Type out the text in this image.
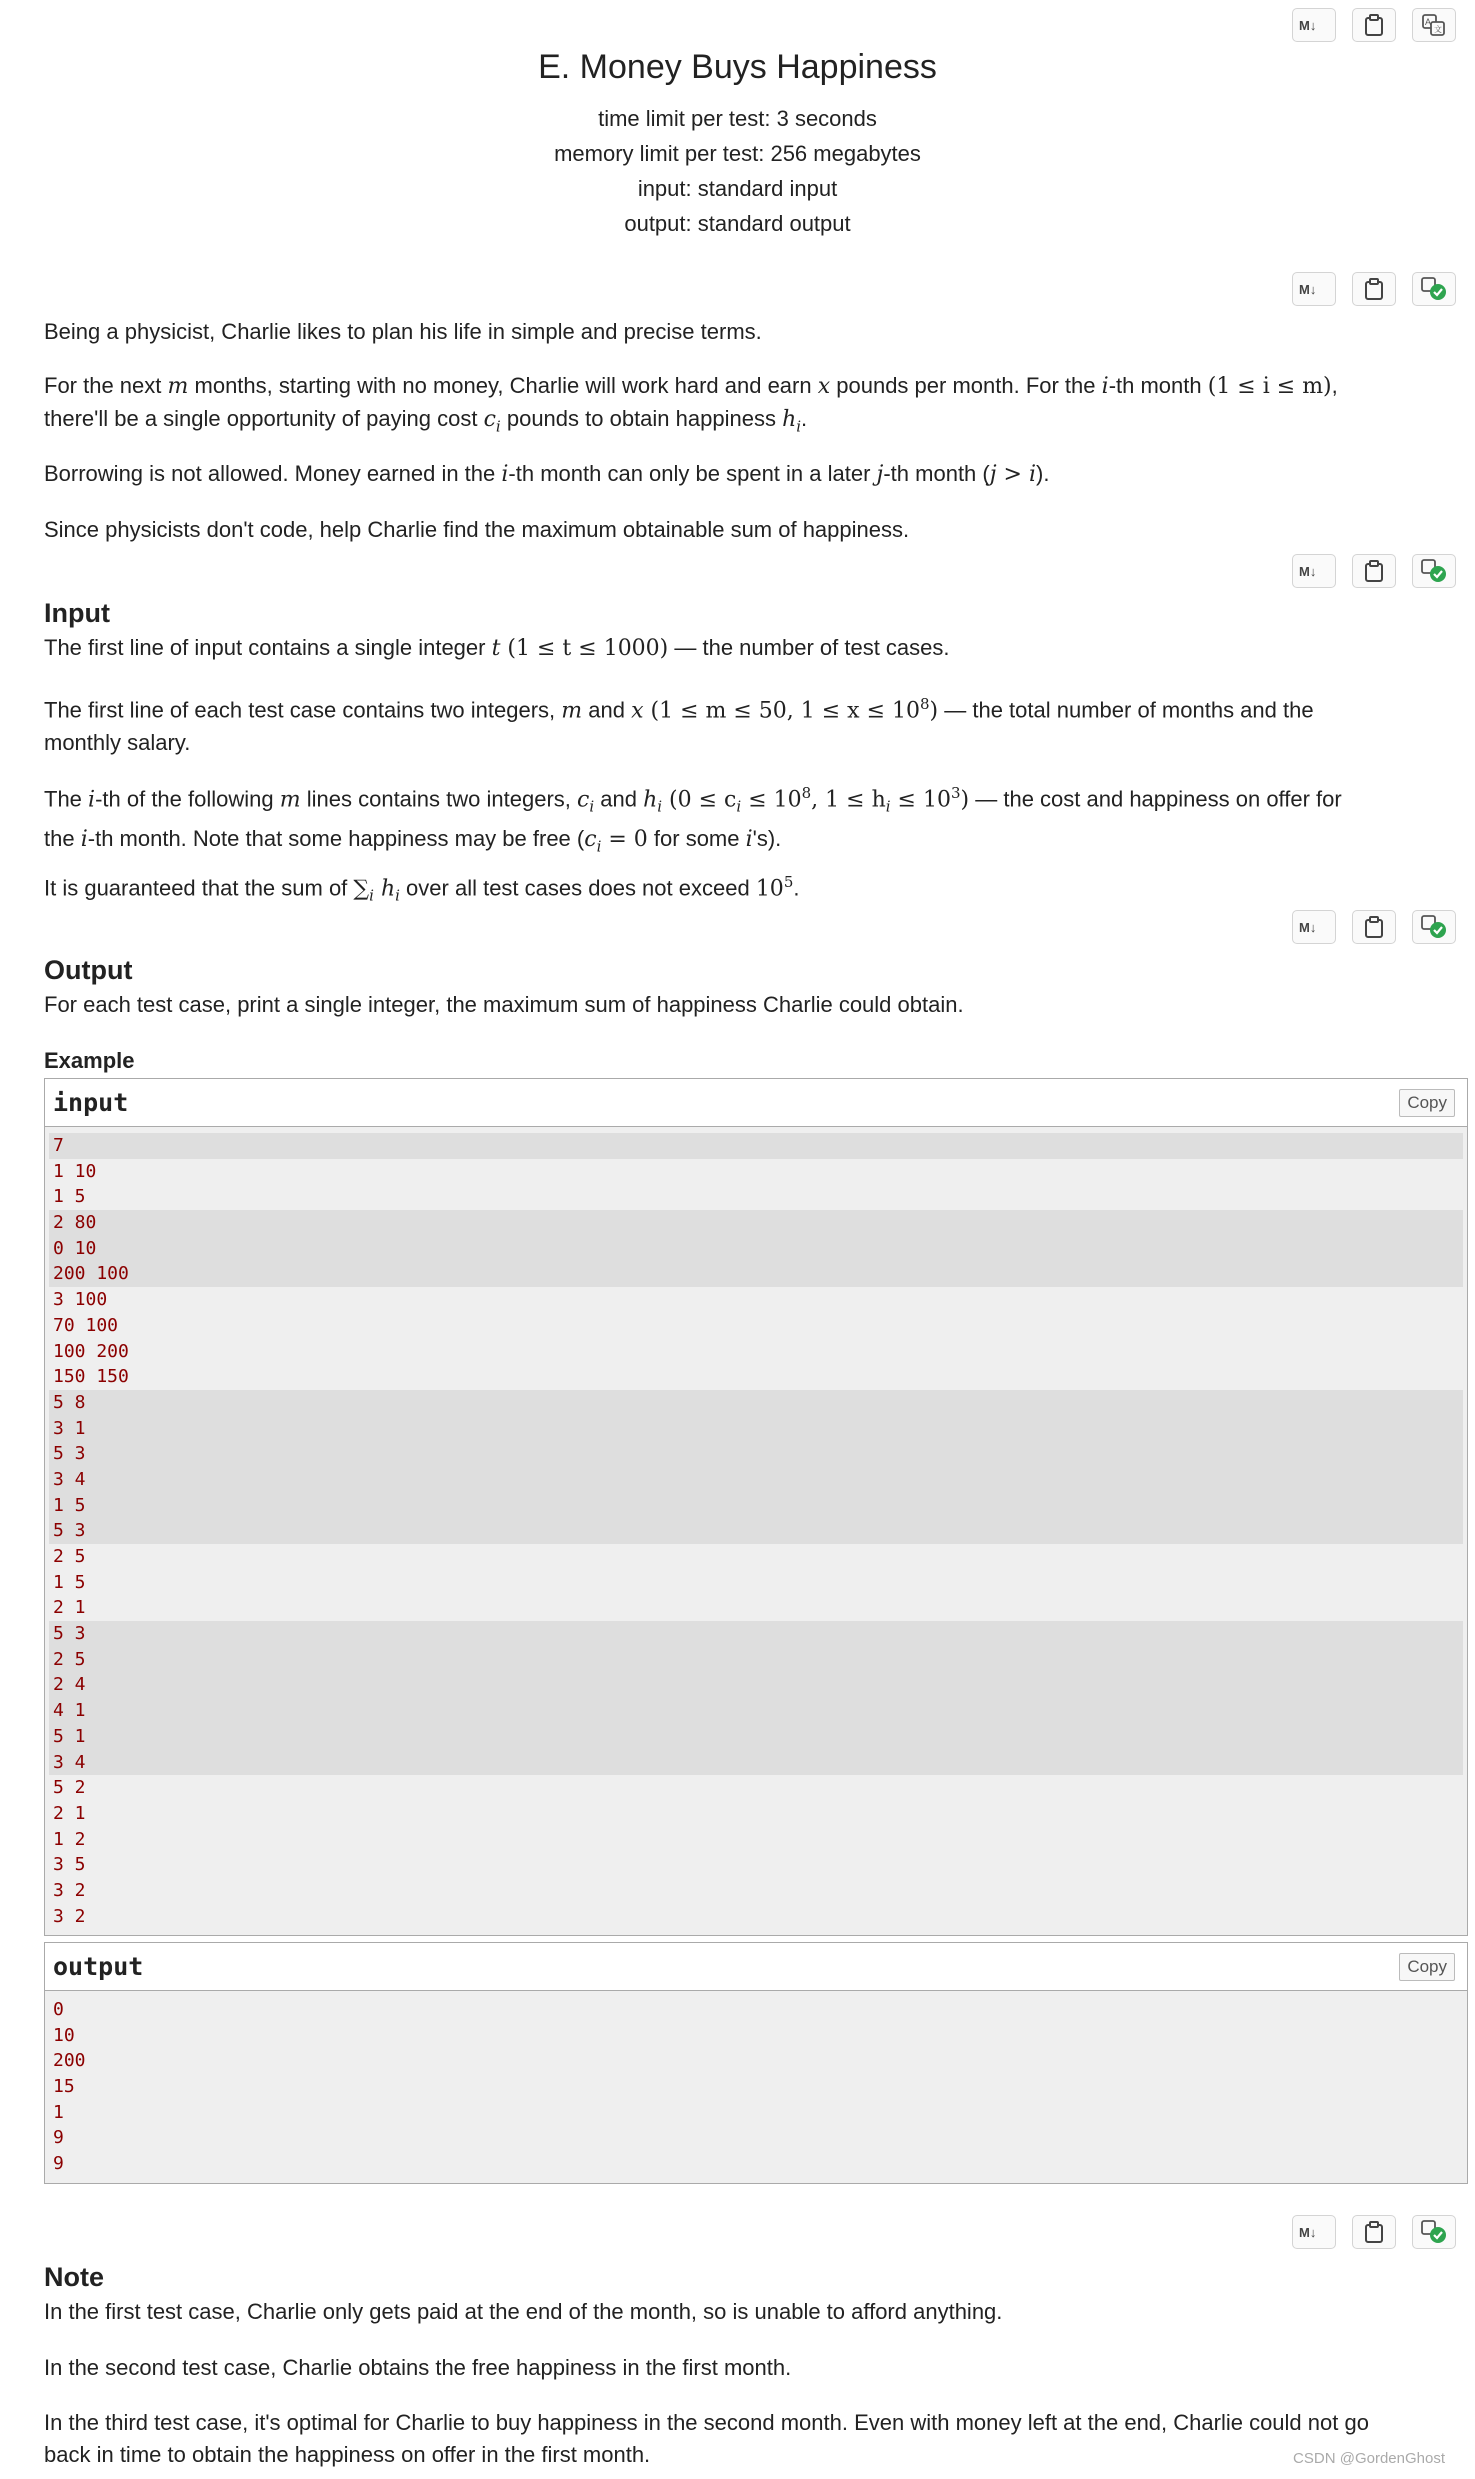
M↓	A
文
E. Money Buys Happiness
time limit per test: 3 seconds
memory limit per test: 256 megabytes
input: standard input
output: standard output
M↓
Being a physicist, Charlie likes to plan his life in simple and precise terms.
For the next m months, starting with no money, Charlie will work hard and earn x pounds per month. For the i-th month (1 ≤ i ≤ m),
there'll be a single opportunity of paying cost $c_i$ pounds to obtain happiness $h_i$.
Borrowing is not allowed. Money earned in the i-th month can only be spent in a later j-th month (j > i).
Since physicists don't code, help Charlie find the maximum obtainable sum of happiness.
M↓
Input
The first line of input contains a single integer t (1 ≤ t ≤ 1000) — the number of test cases.
The first line of each test case contains two integers, m and x (1 ≤ m ≤ 50, $1 \le x \le 10^8$) — the total number of months and the
monthly salary.
The i-th of the following m lines contains two integers, $c_i$ and $h_i$ ($0 \le c_i \le 10^8$, $1 \le h_i \le 10^3$) — the cost and happiness on offer for
the i-th month. Note that some happiness may be free ($c_i = 0$ for some i's).
It is guaranteed that the sum of $\sum_i$ $h_i$ over all test cases does not exceed $10^5$.
M↓
Output
For each test case, print a single integer, the maximum sum of happiness Charlie could obtain.
Example
input	Copy
7
1 10
1 5
2 80
0 10
200 100
3 100
70 100
100 200
150 150
5 8
3 1
5 3
3 4
1 5
5 3
2 5
1 5
2 1
5 3
2 5
2 4
4 1
5 1
3 4
5 2
2 1
1 2
3 5
3 2
3 2
output	Copy
0
10
200
15
1
9
9
M↓
Note
In the first test case, Charlie only gets paid at the end of the month, so is unable to afford anything.
In the second test case, Charlie obtains the free happiness in the first month.
In the third test case, it's optimal for Charlie to buy happiness in the second month. Even with money left at the end, Charlie could not go
back in time to obtain the happiness on offer in the first month.	CSDN @GordenGhost
